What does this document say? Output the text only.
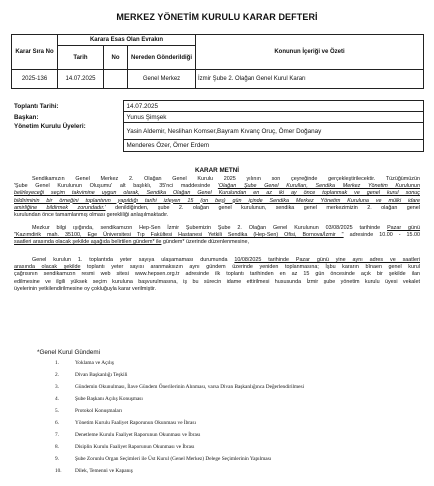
MERKEZ YÖNETİM KURULU KARAR DEFTERİ
Karar Sıra No	Karara Esas Olan Evrakın			Konunun İçeriği ve Özeti
	Tarih	No	Nereden Gönderildiği	
2025-136	14.07.2025		Genel Merkez	İzmir Şube 2. Olağan Genel Kurul Kararı
Toplantı Tarihi:	14.07.2025
Başkan:	Yunus Şimşek
Yönetim Kurulu Üyeleri:	Yasin Aldemir, Neslihan Komser,Bayram Kıvanç Oruç, Ömer Doğanay
	Menderes Özer, Ömer Erdem
KARAR METNİ
Sendikamızın Genel Merkez 2. Olağan Genel Kurulu 2025 yılının son çeyreğinde gerçekleştirilecektir. Tüzüğümüzün
'Şube Genel Kurulunun Oluşumu' alt başlıklı, 35'nci maddesinde 'Olağan Şube Genel Kurulları, Sendika Merkez Yönetim Kurulunun
belirleyeceği seçim takvimine uygun olarak, Sendika Olağan Genel Kurulundan en az iki ay önce toplanmak ve genel kurul sonuç
bildiriminin bir örneğini toplantının yapıldığı tarihi izleyen 15 (on beş) gün içinde Sendika Merkez Yönetim Kuruluna ve mülki idare
amirliğine bildirmek zorundadır.' denildiğinden, şube 2. olağan genel kurulunun, sendika genel merkezimizin 2. olağan genel
kurulundan önce tamamlanmış olması gerekliliği anlaşılmaktadır.
Mezkur bilgi ışığında, sendikamızın Hep-Sen İzmir Şubemizin Şube 2. Olağan Genel Kurulunun 03/08/2025 tarihinde Pazar günü
"Kazımdirik mah. 35100, Ege Üniversitesi Tıp Fakültesi Hastanesi Yetkili Sendika (Hep-Sen) Ofisi, Bornova/İzmir " adresinde 10.00 - 15.00
saatleri arasında olacak şekilde aşağıda belirtilen gündem* ile gündem* üzerinde düzenlenmesine,
Genel kurulun 1. toplantıda yeter sayıya ulaşamaması durumunda 10/08/2025 tarihinde Pazar günü yine aynı adres ve saatleri
arasında olacak şekilde toplantı yeter sayısı aranmaksızın aynı gündem üzerinde yeniden toplanmasına; İşbu kararın bînaen genel kurul
çağrısının sendikamızın resmi web sitesi www.hepsen.org.tr adresinde ilk toplantı tarihinden en az 15 gün öncesinde açık bir şekilde ilan
edilmesine ve ilgili yüksek seçim kuruluna başvurulmasına, iş bu sürecin idame ettirilmesi hususunda İzmir şube yönetim kurulu üyesi vekalet
üyelerinin yetkilendirilmesine oy çokluğuyla karar verilmiştir.
*Genel Kurul Gündemi
1.	Yoklama ve Açılış
2.	Divan Başkanlığı Teşkili
3.	Gündemin Okunulması, İlave Gündem Önerilerinin Alınması, varsa Divan Başkanlığınca Değerlendirilmesi
4.	Şube Başkanı Açılış Konuşması
5.	Protokol Konuşmaları
6.	Yönetim Kurulu Faaliyet Raporunun Okunması ve İbrası
7.	Denetleme Kurulu Faaliyet Raporunun Okunması ve İbrası
8.	Disiplin Kurulu Faaliyet Raporunun Okunması ve İbrası
9.	Şube Zorunlu Organ Seçimleri ile Üst Kurul (Genel Merkez) Delege Seçimlerinin Yapılması
10.	Dilek, Temenni ve Kapanış
